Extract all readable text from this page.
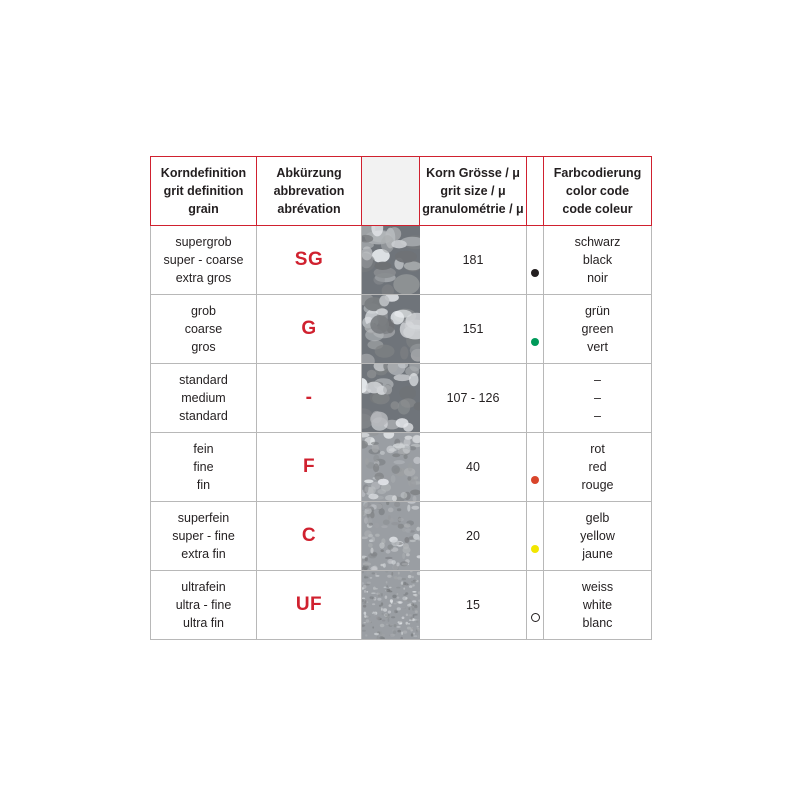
Korndefinition
grit definition
grain	Abkürzung
abbrevation
abrévation		Korn Grösse / μ
grit size / μ
granulométrie / μ		Farbcodierung
color code
code coleur

supergrob
super - coarse
extra gros	SG		181		schwarz
black
noir

grob
coarse
gros	G		151		grün
green
vert

standard
medium
standard	-		107 - 126		–
–
–

fein
fine
fin	F		40		rot
red
rouge

superfein
super - fine
extra fin	C		20		gelb
yellow
jaune

ultrafein
ultra - fine
ultra fin	UF		15		weiss
white
blanc
